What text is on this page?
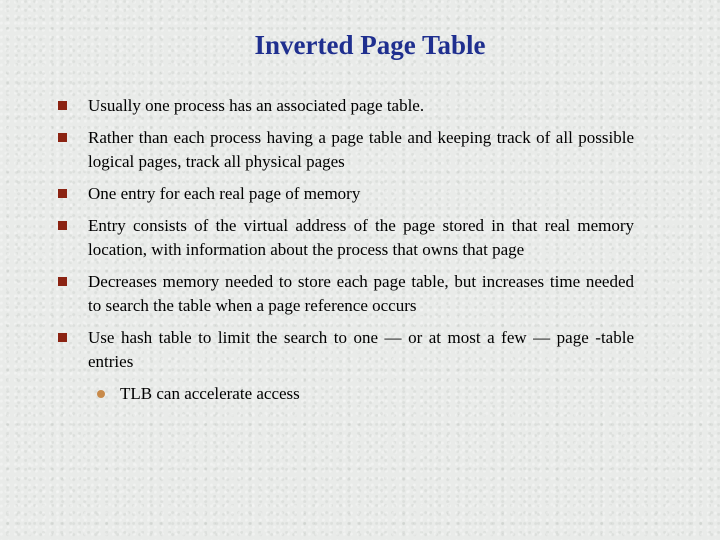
Inverted Page Table
Usually one process has an associated page table.
Rather than each process having a page table and keeping track of all possible logical pages, track all physical pages
One entry for each real page of memory
Entry consists of the virtual address of the page stored in that real memory location, with information about the process that owns that page
Decreases memory needed to store each page table, but increases time needed to search the table when a page reference occurs
Use hash table to limit the search to one — or at most a few — page -table entries
TLB can accelerate access
